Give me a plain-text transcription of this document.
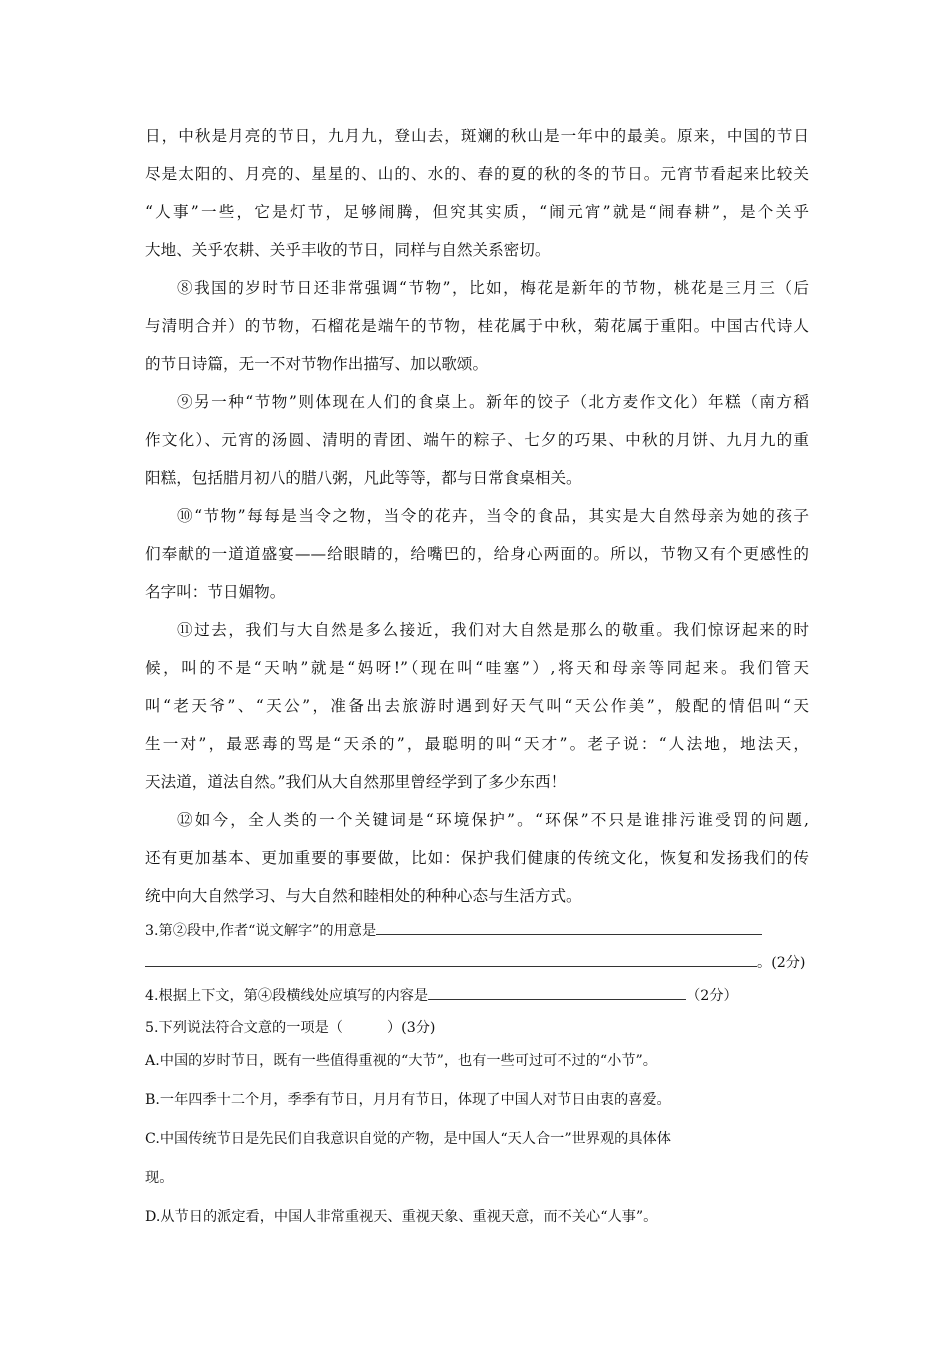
日，中秋是月亮的节日，九月九，登山去，斑斓的秋山是一年中的最美。原来，中国的节日
尽是太阳的、月亮的、星星的、山的、水的、春的夏的秋的冬的节日。元宵节看起来比较关
“人事”一些，它是灯节，足够闹腾，但究其实质，“闹元宵”就是“闹春耕”，是个关乎
大地、关乎农耕、关乎丰收的节日，同样与自然关系密切。
⑧我国的岁时节日还非常强调“节物”，比如，梅花是新年的节物，桃花是三月三（后
与清明合并）的节物，石榴花是端午的节物，桂花属于中秋，菊花属于重阳。中国古代诗人
的节日诗篇，无一不对节物作出描写、加以歌颂。
⑨另一种“节物”则体现在人们的食桌上。新年的饺子（北方麦作文化）年糕（南方稻
作文化）、元宵的汤圆、清明的青团、端午的粽子、七夕的巧果、中秋的月饼、九月九的重
阳糕，包括腊月初八的腊八粥，凡此等等，都与日常食桌相关。
⑩“节物”每每是当令之物，当令的花卉，当令的食品，其实是大自然母亲为她的孩子
们奉献的一道道盛宴——给眼睛的，给嘴巴的，给身心两面的。所以，节物又有个更感性的
名字叫：节日媚物。
⑪过去，我们与大自然是多么接近，我们对大自然是那么的敬重。我们惊讶起来的时
候，叫的不是“天呐”就是“妈呀!”（现在叫“哇塞”）,将天和母亲等同起来。我们管天
叫“老天爷”、“天公”，准备出去旅游时遇到好天气叫“天公作美”，般配的情侣叫“天
生一对”，最恶毒的骂是“天杀的”，最聪明的叫“天才”。老子说：“人法地，地法天，
天法道，道法自然。”我们从大自然那里曾经学到了多少东西！
⑫如今，全人类的一个关键词是“环境保护”。“环保”不只是谁排污谁受罚的问题,
还有更加基本、更加重要的事要做，比如：保护我们健康的传统文化，恢复和发扬我们的传
统中向大自然学习、与大自然和睦相处的种种心态与生活方式。
3.第②段中,作者“说文解字”的用意是
。(2分)
4.根据上下文，第④段横线处应填写的内容是	（2分）
5.下列说法符合文意的一项是（	）(3分)
A.中国的岁时节日，既有一些值得重视的“大节”，也有一些可过可不过的“小节”。
B.一年四季十二个月，季季有节日，月月有节日，体现了中国人对节日由衷的喜爱。
C.中国传统节日是先民们自我意识自觉的产物，是中国人“天人合一”世界观的具体体
现。
D.从节日的派定看，中国人非常重视天、重视天象、重视天意，而不关心“人事”。
